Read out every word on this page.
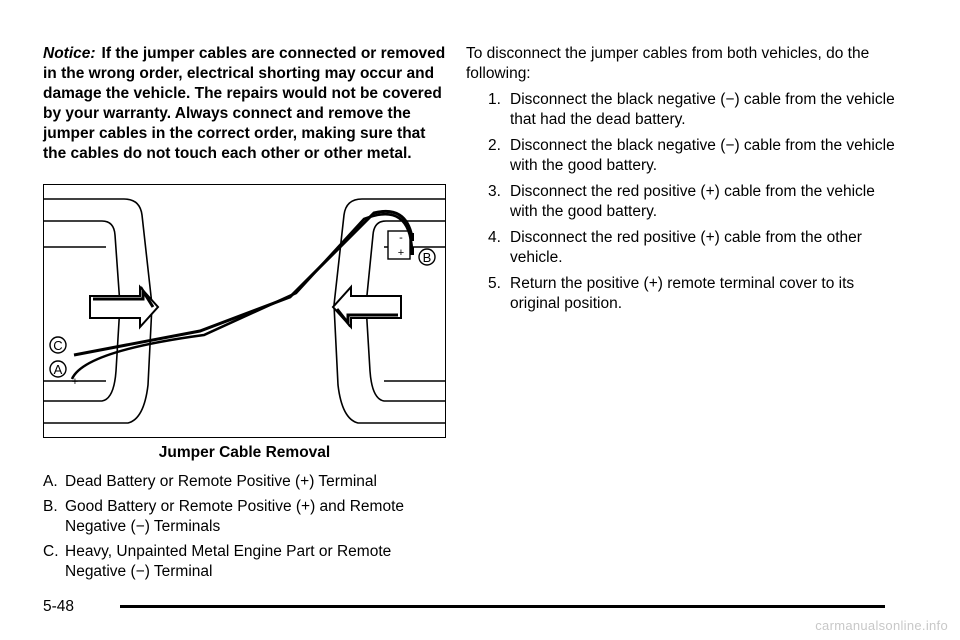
Notice: If the jumper cables are connected or removed in the wrong order, electrical shorting may occur and damage the vehicle. The repairs would not be covered by your warranty. Always connect and remove the jumper cables in the correct order, making sure that the cables do not touch each other or other metal.

-
+
C
A
B
+
Jumper Cable Removal
A. Dead Battery or Remote Positive (+) Terminal
B. Good Battery or Remote Positive (+) and Remote Negative (−) Terminals
C. Heavy, Unpainted Metal Engine Part or Remote Negative (−) Terminal

To disconnect the jumper cables from both vehicles, do the following:

1. Disconnect the black negative (−) cable from the vehicle that had the dead battery.
2. Disconnect the black negative (−) cable from the vehicle with the good battery.
3. Disconnect the red positive (+) cable from the vehicle with the good battery.
4. Disconnect the red positive (+) cable from the other vehicle.
5. Return the positive (+) remote terminal cover to its original position.
5-48
carmanualsonline.info
